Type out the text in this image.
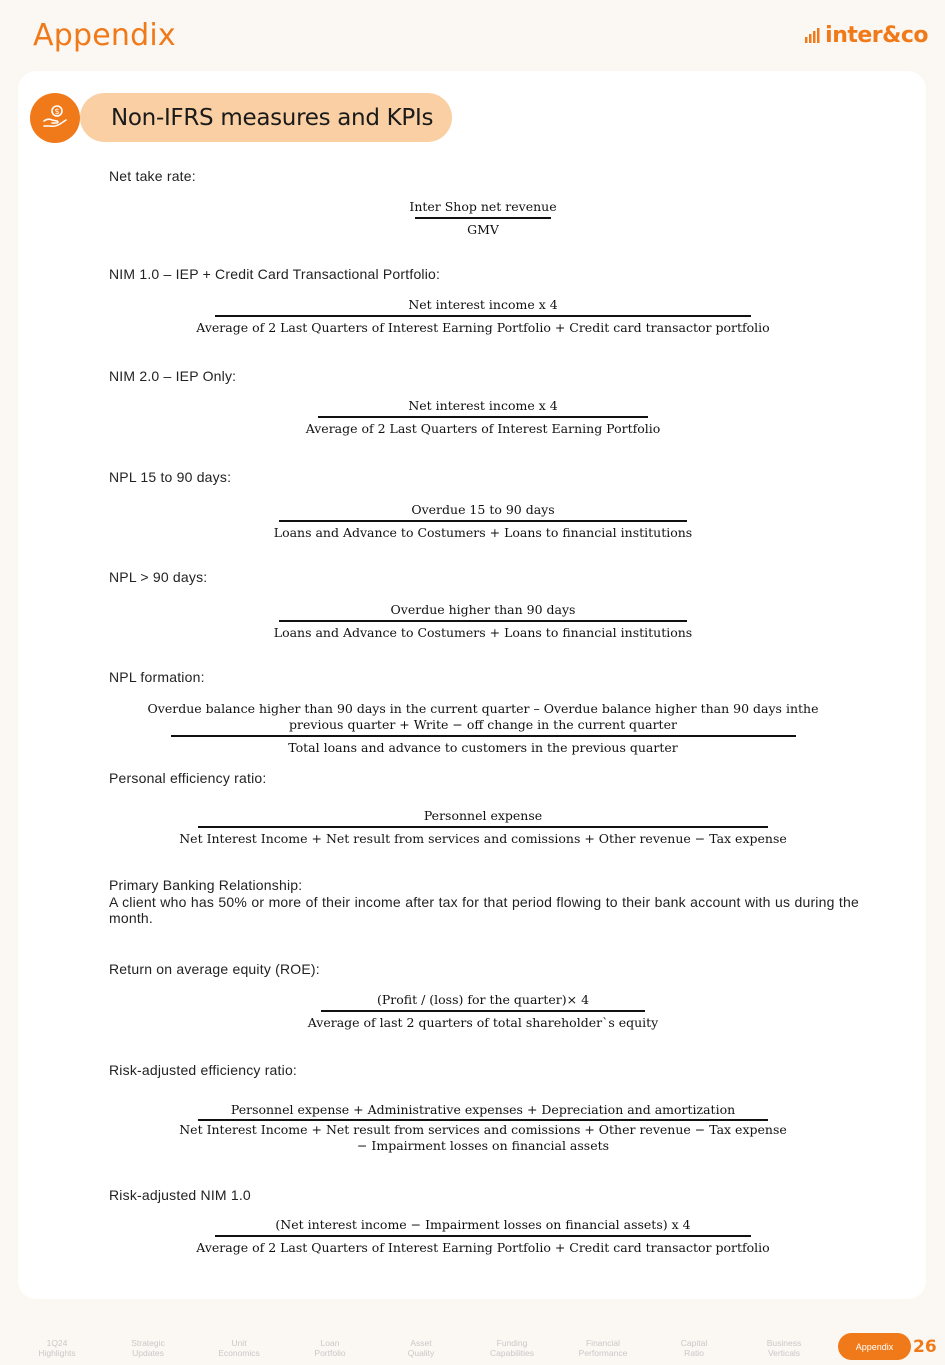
Appendix	inter&co
$ Non-IFRS measures and KPIs
Net take rate:
Inter Shop net revenue
GMV
NIM 1.0 – IEP + Credit Card Transactional Portfolio:
Net interest income x 4
Average of 2 Last Quarters of Interest Earning Portfolio + Credit card transactor portfolio
NIM 2.0 – IEP Only:
Net interest income x 4
Average of 2 Last Quarters of Interest Earning Portfolio
NPL 15 to 90 days:
Overdue 15 to 90 days
Loans and Advance to Costumers + Loans to financial institutions
NPL > 90 days:
Overdue higher than 90 days
Loans and Advance to Costumers + Loans to financial institutions
NPL formation:
Overdue balance higher than 90 days in the current quarter – Overdue balance higher than 90 days inthe
previous quarter + Write − off change in the current quarter
Total loans and advance to customers in the previous quarter
Personal efficiency ratio:
Personnel expense
Net Interest Income + Net result from services and comissions + Other revenue − Tax expense
Primary Banking Relationship:
A client who has 50% or more of their income after tax for that period flowing to their bank account with us during the month.
Return on average equity (ROE):
(Profit / (loss) for the quarter)× 4
Average of last 2 quarters of total shareholder`s equity
Risk-adjusted efficiency ratio:
Personnel expense + Administrative expenses + Depreciation and amortization
Net Interest Income + Net result from services and comissions + Other revenue − Tax expense
− Impairment losses on financial assets
Risk-adjusted NIM 1.0
(Net interest income − Impairment losses on financial assets) x 4
Average of 2 Last Quarters of Interest Earning Portfolio + Credit card transactor portfolio
1Q24
Highlights
Strategic
Updates
Unit
Economics
Loan
Portfolio
Asset
Quality
Funding
Capabilities
Financial
Performance
Capital
Ratio
Business
Verticals
Appendix	26
